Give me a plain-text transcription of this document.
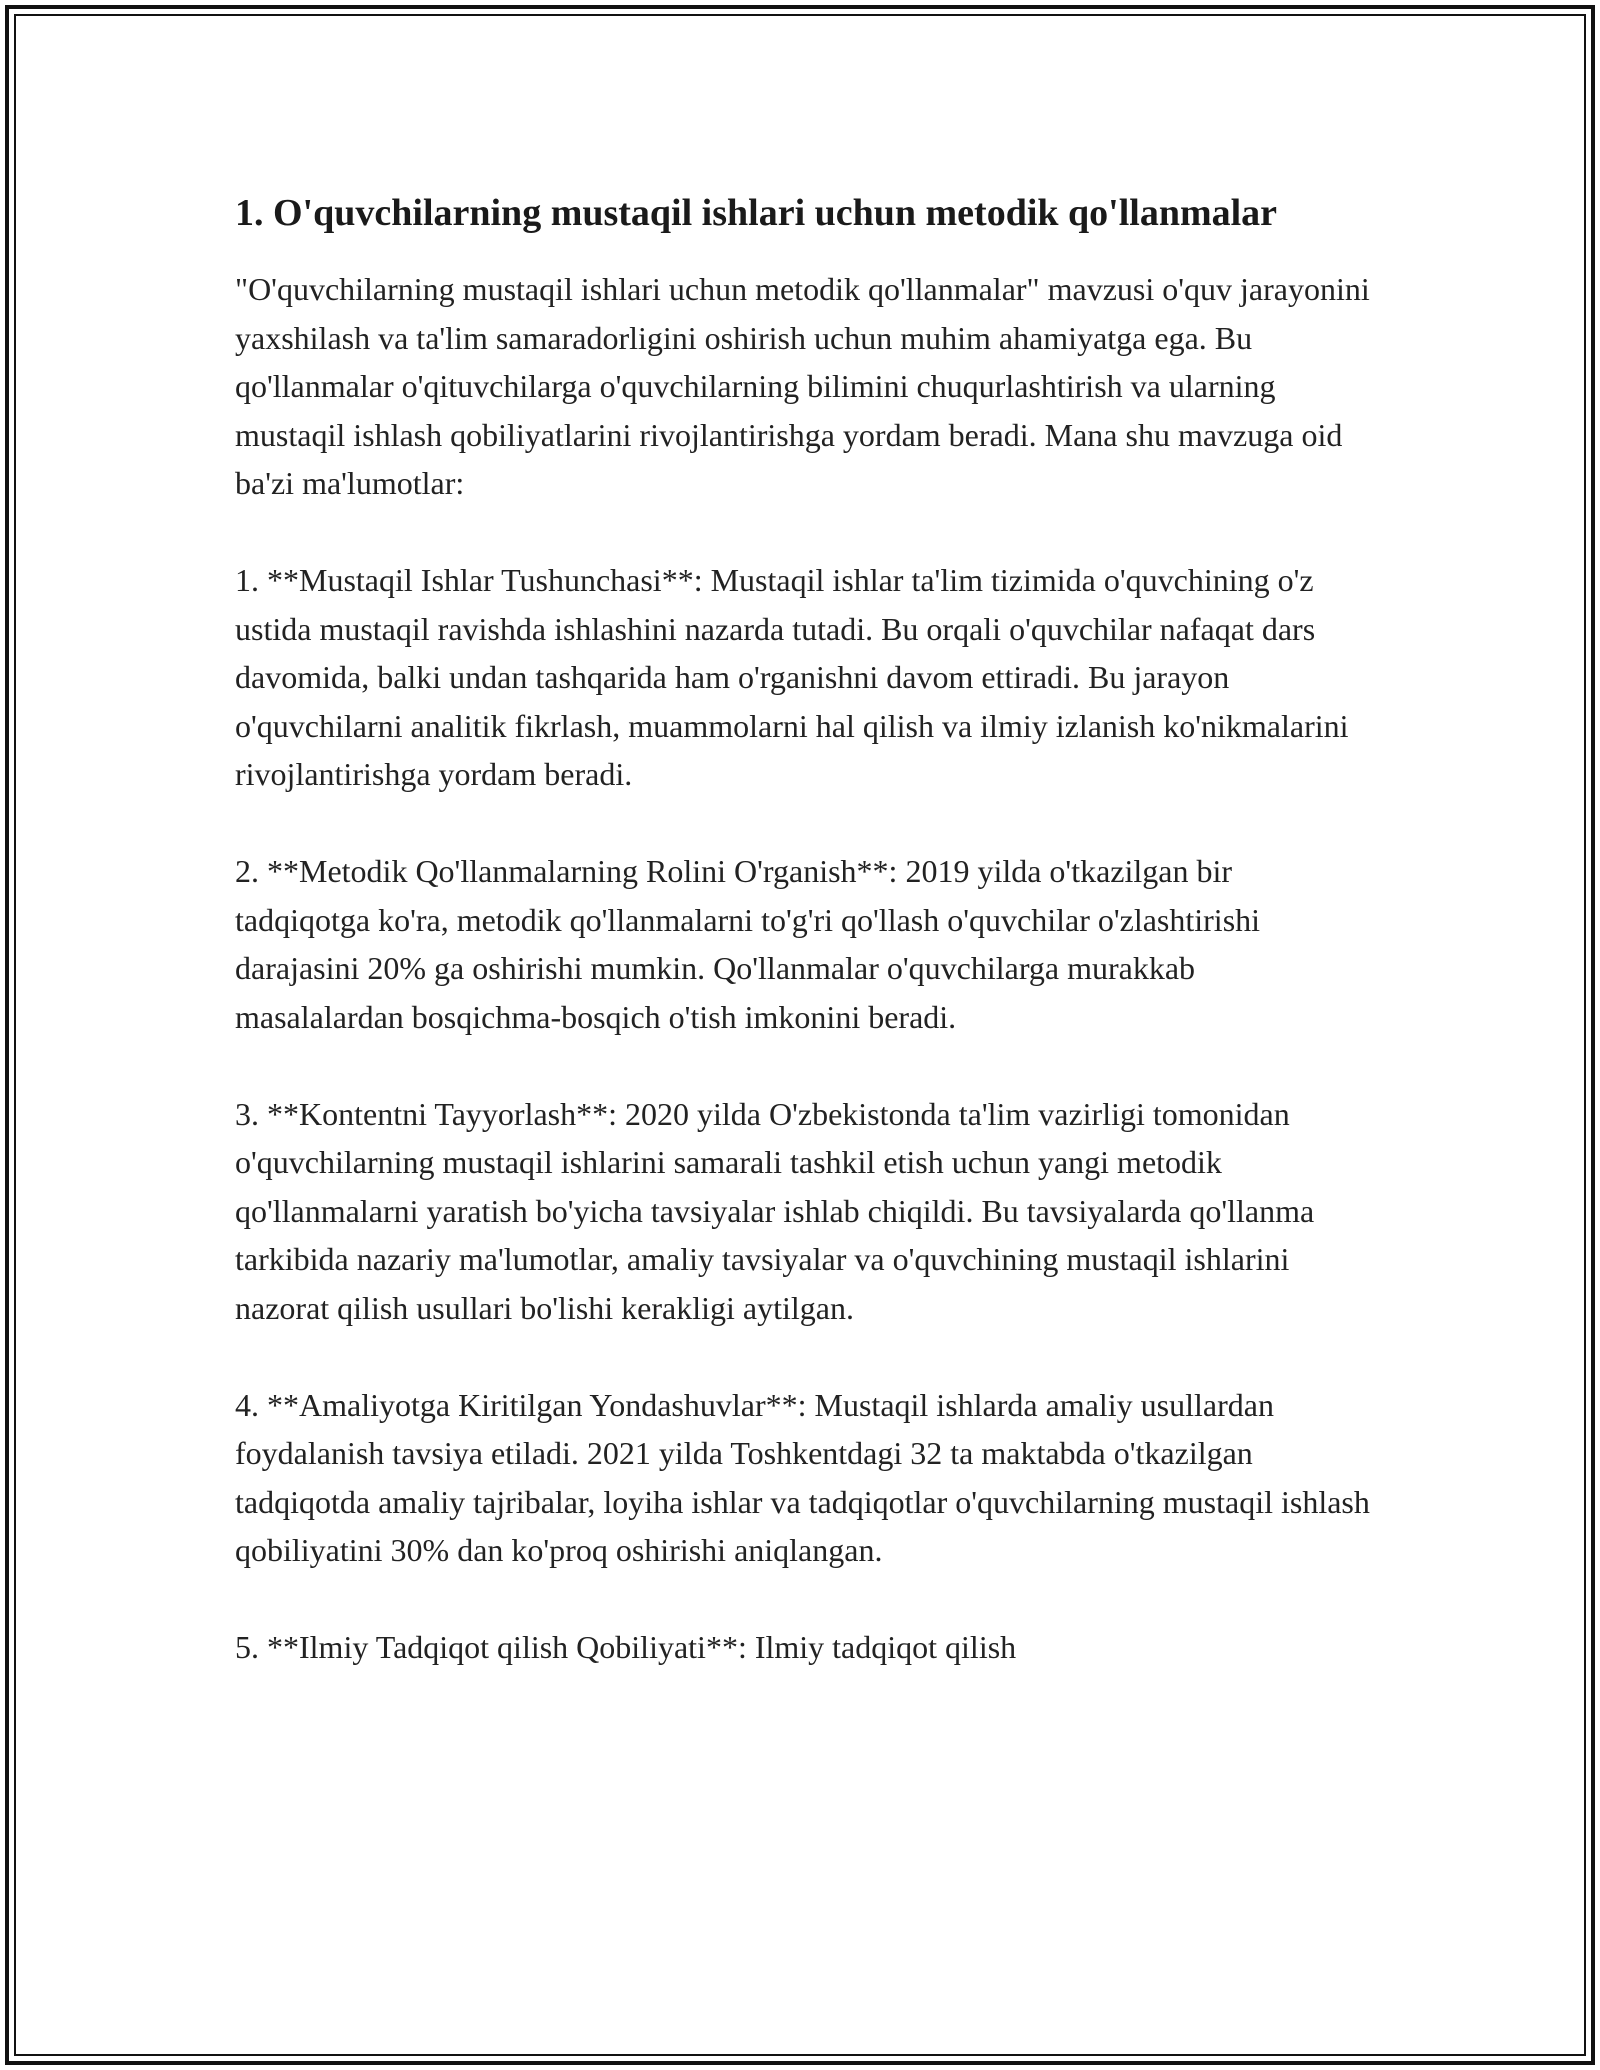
1. O'quvchilarning mustaqil ishlari uchun metodik qo'llanmalar

"O'quvchilarning mustaqil ishlari uchun metodik qo'llanmalar" mavzusi o'quv jarayonini yaxshilash va ta'lim samaradorligini oshirish uchun muhim ahamiyatga ega. Bu qo'llanmalar o'qituvchilarga o'quvchilarning bilimini chuqurlashtirish va ularning mustaqil ishlash qobiliyatlarini rivojlantirishga yordam beradi. Mana shu mavzuga oid ba'zi ma'lumotlar:

1. **Mustaqil Ishlar Tushunchasi**: Mustaqil ishlar ta'lim tizimida o'quvchining o'z ustida mustaqil ravishda ishlashini nazarda tutadi. Bu orqali o'quvchilar nafaqat dars davomida, balki undan tashqarida ham o'rganishni davom ettiradi. Bu jarayon o'quvchilarni analitik fikrlash, muammolarni hal qilish va ilmiy izlanish ko'nikmalarini rivojlantirishga yordam beradi.

2. **Metodik Qo'llanmalarning Rolini O'rganish**: 2019 yilda o'tkazilgan bir tadqiqotga ko'ra, metodik qo'llanmalarni to'g'ri qo'llash o'quvchilar o'zlashtirishi darajasini 20% ga oshirishi mumkin. Qo'llanmalar o'quvchilarga murakkab masalalardan bosqichma-bosqich o'tish imkonini beradi.

3. **Kontentni Tayyorlash**: 2020 yilda O'zbekistonda ta'lim vazirligi tomonidan o'quvchilarning mustaqil ishlarini samarali tashkil etish uchun yangi metodik qo'llanmalarni yaratish bo'yicha tavsiyalar ishlab chiqildi. Bu tavsiyalarda qo'llanma tarkibida nazariy ma'lumotlar, amaliy tavsiyalar va o'quvchining mustaqil ishlarini nazorat qilish usullari bo'lishi kerakligi aytilgan.

4. **Amaliyotga Kiritilgan Yondashuvlar**: Mustaqil ishlarda amaliy usullardan foydalanish tavsiya etiladi. 2021 yilda Toshkentdagi 32 ta maktabda o'tkazilgan tadqiqotda amaliy tajribalar, loyiha ishlar va tadqiqotlar o'quvchilarning mustaqil ishlash qobiliyatini 30% dan ko'proq oshirishi aniqlangan.

5. **Ilmiy Tadqiqot qilish Qobiliyati**: Ilmiy tadqiqot qilish
